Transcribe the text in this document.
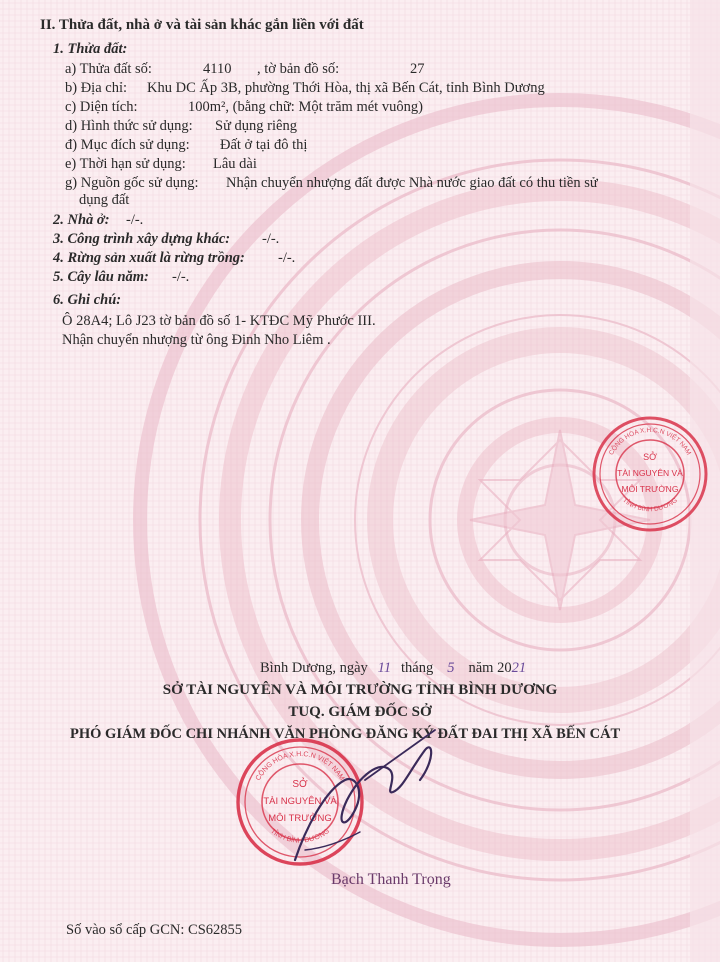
II. Thửa đất, nhà ở và tài sản khác gắn liền với đất
1. Thửa đất:
a) Thửa đất số:	4110 , tờ bản đồ số:	27
b) Địa chỉ: Khu DC Ấp 3B, phường Thới Hòa, thị xã Bến Cát, tỉnh Bình Dương
c) Diện tích:	100m², (bằng chữ: Một trăm mét vuông)
d) Hình thức sử dụng: Sử dụng riêng
đ) Mục đích sử dụng: Đất ở tại đô thị
e) Thời hạn sử dụng: Lâu dài
g) Nguồn gốc sử dụng: Nhận chuyển nhượng đất được Nhà nước giao đất có thu tiền sử
dụng đất
2. Nhà ở: -/-.
3. Công trình xây dựng khác: -/-.
4. Rừng sản xuất là rừng trồng: -/-.
5. Cây lâu năm: -/-.
6. Ghi chú:
Ô 28A4; Lô J23 tờ bản đồ số 1- KTĐC Mỹ Phước III.
Nhận chuyển nhượng từ ông Đinh Nho Liêm .
Bình Dương, ngày 11 tháng 5 năm 2021
SỞ TÀI NGUYÊN VÀ MÔI TRƯỜNG TỈNH BÌNH DƯƠNG
TUQ. GIÁM ĐỐC SỞ
PHÓ GIÁM ĐỐC CHI NHÁNH VĂN PHÒNG ĐĂNG KÝ ĐẤT ĐAI THỊ XÃ BẾN CÁT
Bạch Thanh Trọng
Số vào sổ cấp GCN: CS62855
CỘNG HÒA X.H.C.N VIỆT NAM
TỈNH BÌNH DƯƠNG
SỞ
TÀI NGUYÊN VÀ
MÔI TRƯỜNG
CỘNG HÒA X.H.C.N VIỆT NAM
TỈNH BÌNH DƯƠNG
SỞ
TÀI NGUYÊN VÀ
MÔI TRƯỜNG
